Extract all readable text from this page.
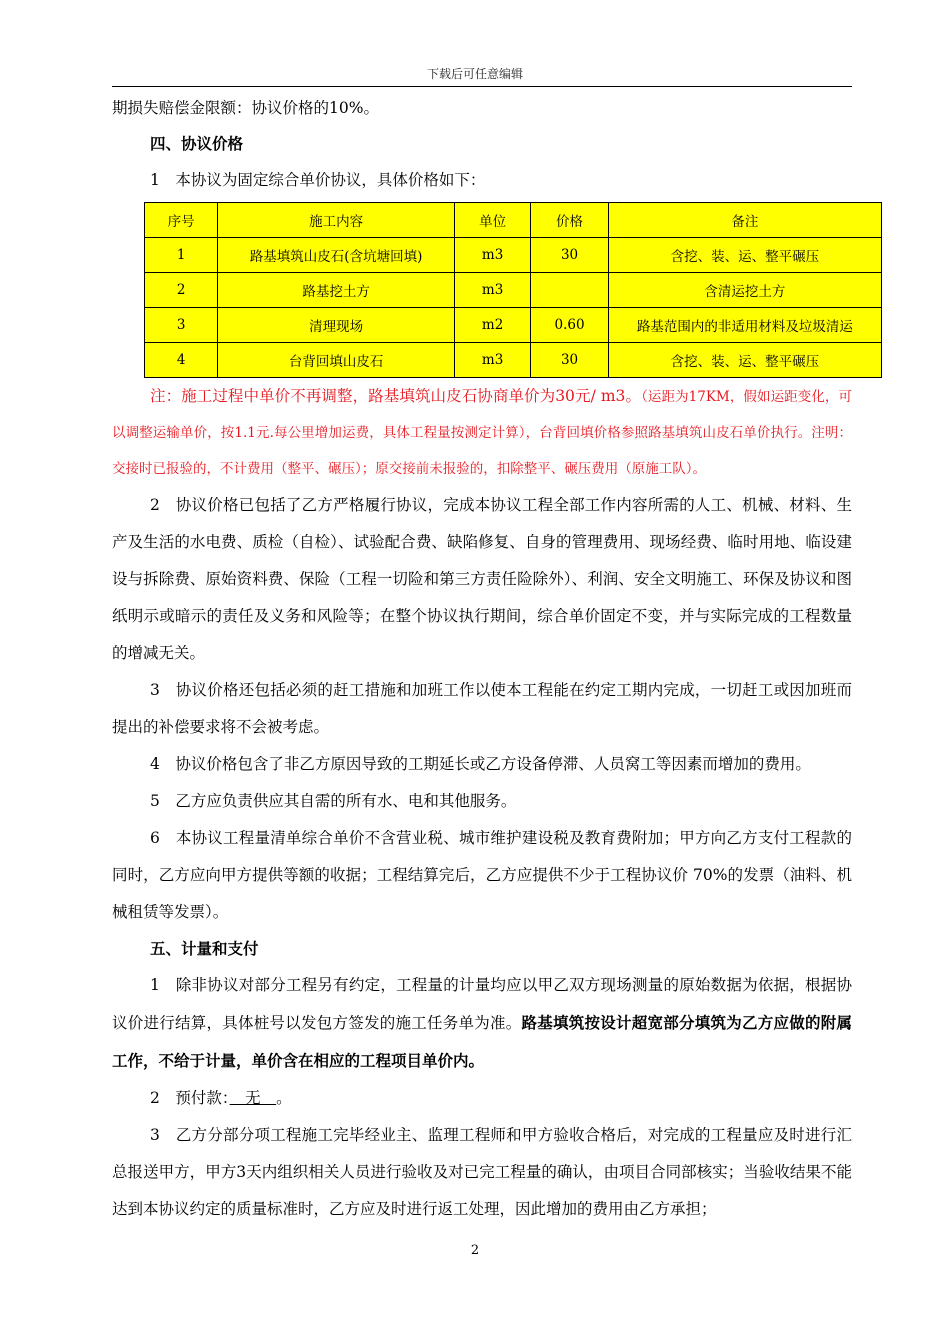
下载后可任意编辑

期损失赔偿金限额：协议价格的10%。

四、协议价格

1　本协议为固定综合单价协议，具体价格如下：

序号	施工内容	单位	价格	备注
1	路基填筑山皮石(含坑塘回填)	m3	30	含挖、装、运、整平碾压
2	路基挖土方	m3		含清运挖土方
3	清理现场	m2	0.60	路基范围内的非适用材料及垃圾清运
4	台背回填山皮石	m3	30	含挖、装、运、整平碾压

注：施工过程中单价不再调整，路基填筑山皮石协商单价为30元/ m3。（运距为17KM，假如运距变化，可以调整运输单价，按1.1元.每公里增加运费，具体工程量按测定计算），台背回填价格参照路基填筑山皮石单价执行。注明：交接时已报验的，不计费用（整平、碾压）；原交接前未报验的，扣除整平、碾压费用（原施工队）。

2　协议价格已包括了乙方严格履行协议，完成本协议工程全部工作内容所需的人工、机械、材料、生产及生活的水电费、质检（自检）、试验配合费、缺陷修复、自身的管理费用、现场经费、临时用地、临设建设与拆除费、原始资料费、保险（工程一切险和第三方责任险除外）、利润、安全文明施工、环保及协议和图纸明示或暗示的责任及义务和风险等；在整个协议执行期间，综合单价固定不变，并与实际完成的工程数量的增减无关。

3　协议价格还包括必须的赶工措施和加班工作以使本工程能在约定工期内完成，一切赶工或因加班而提出的补偿要求将不会被考虑。

4　协议价格包含了非乙方原因导致的工期延长或乙方设备停滞、人员窝工等因素而增加的费用。

5　乙方应负责供应其自需的所有水、电和其他服务。

6　本协议工程量清单综合单价不含营业税、城市维护建设税及教育费附加；甲方向乙方支付工程款的同时，乙方应向甲方提供等额的收据；工程结算完后，乙方应提供不少于工程协议价 70%的发票（油料、机械租赁等发票）。

五、计量和支付

1　除非协议对部分工程另有约定，工程量的计量均应以甲乙双方现场测量的原始数据为依据，根据协议价进行结算，具体桩号以发包方签发的施工任务单为准。路基填筑按设计超宽部分填筑为乙方应做的附属工作，不给于计量，单价含在相应的工程项目单价内。

2　预付款：　无　。

3　乙方分部分项工程施工完毕经业主、监理工程师和甲方验收合格后，对完成的工程量应及时进行汇总报送甲方，甲方3天内组织相关人员进行验收及对已完工程量的确认，由项目合同部核实；当验收结果不能达到本协议约定的质量标准时，乙方应及时进行返工处理，因此增加的费用由乙方承担；

2
